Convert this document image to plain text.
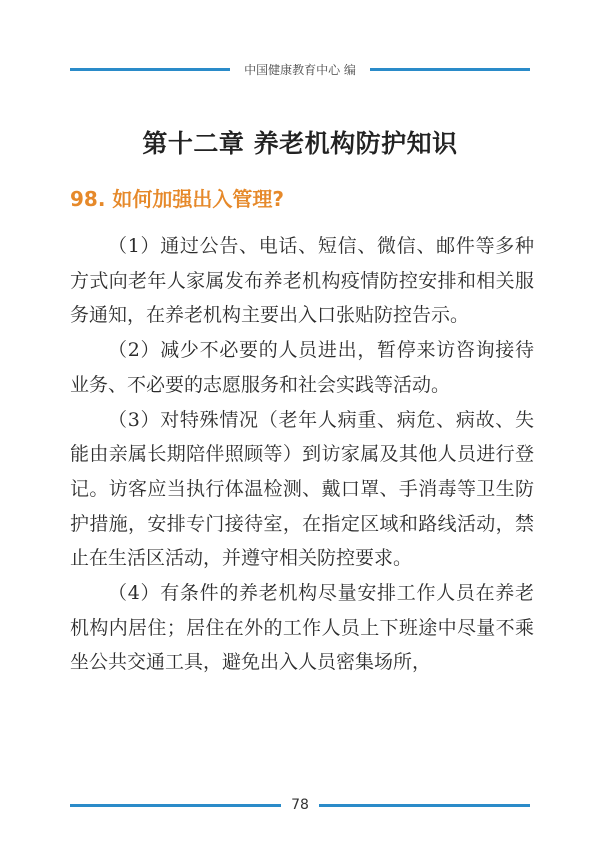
中国健康教育中心 编
第十二章 养老机构防护知识
98. 如何加强出入管理?

（1）通过公告、电话、短信、微信、邮件等多种方式向老年人家属发布养老机构疫情防控安排和相关服务通知，在养老机构主要出入口张贴防控告示。

（2）减少不必要的人员进出，暂停来访咨询接待业务、不必要的志愿服务和社会实践等活动。

（3）对特殊情况（老年人病重、病危、病故、失能由亲属长期陪伴照顾等）到访家属及其他人员进行登记。访客应当执行体温检测、戴口罩、手消毒等卫生防护措施，安排专门接待室，在指定区域和路线活动，禁止在生活区活动，并遵守相关防控要求。

（4）有条件的养老机构尽量安排工作人员在养老机构内居住；居住在外的工作人员上下班途中尽量不乘坐公共交通工具，避免出入人员密集场所，

78
